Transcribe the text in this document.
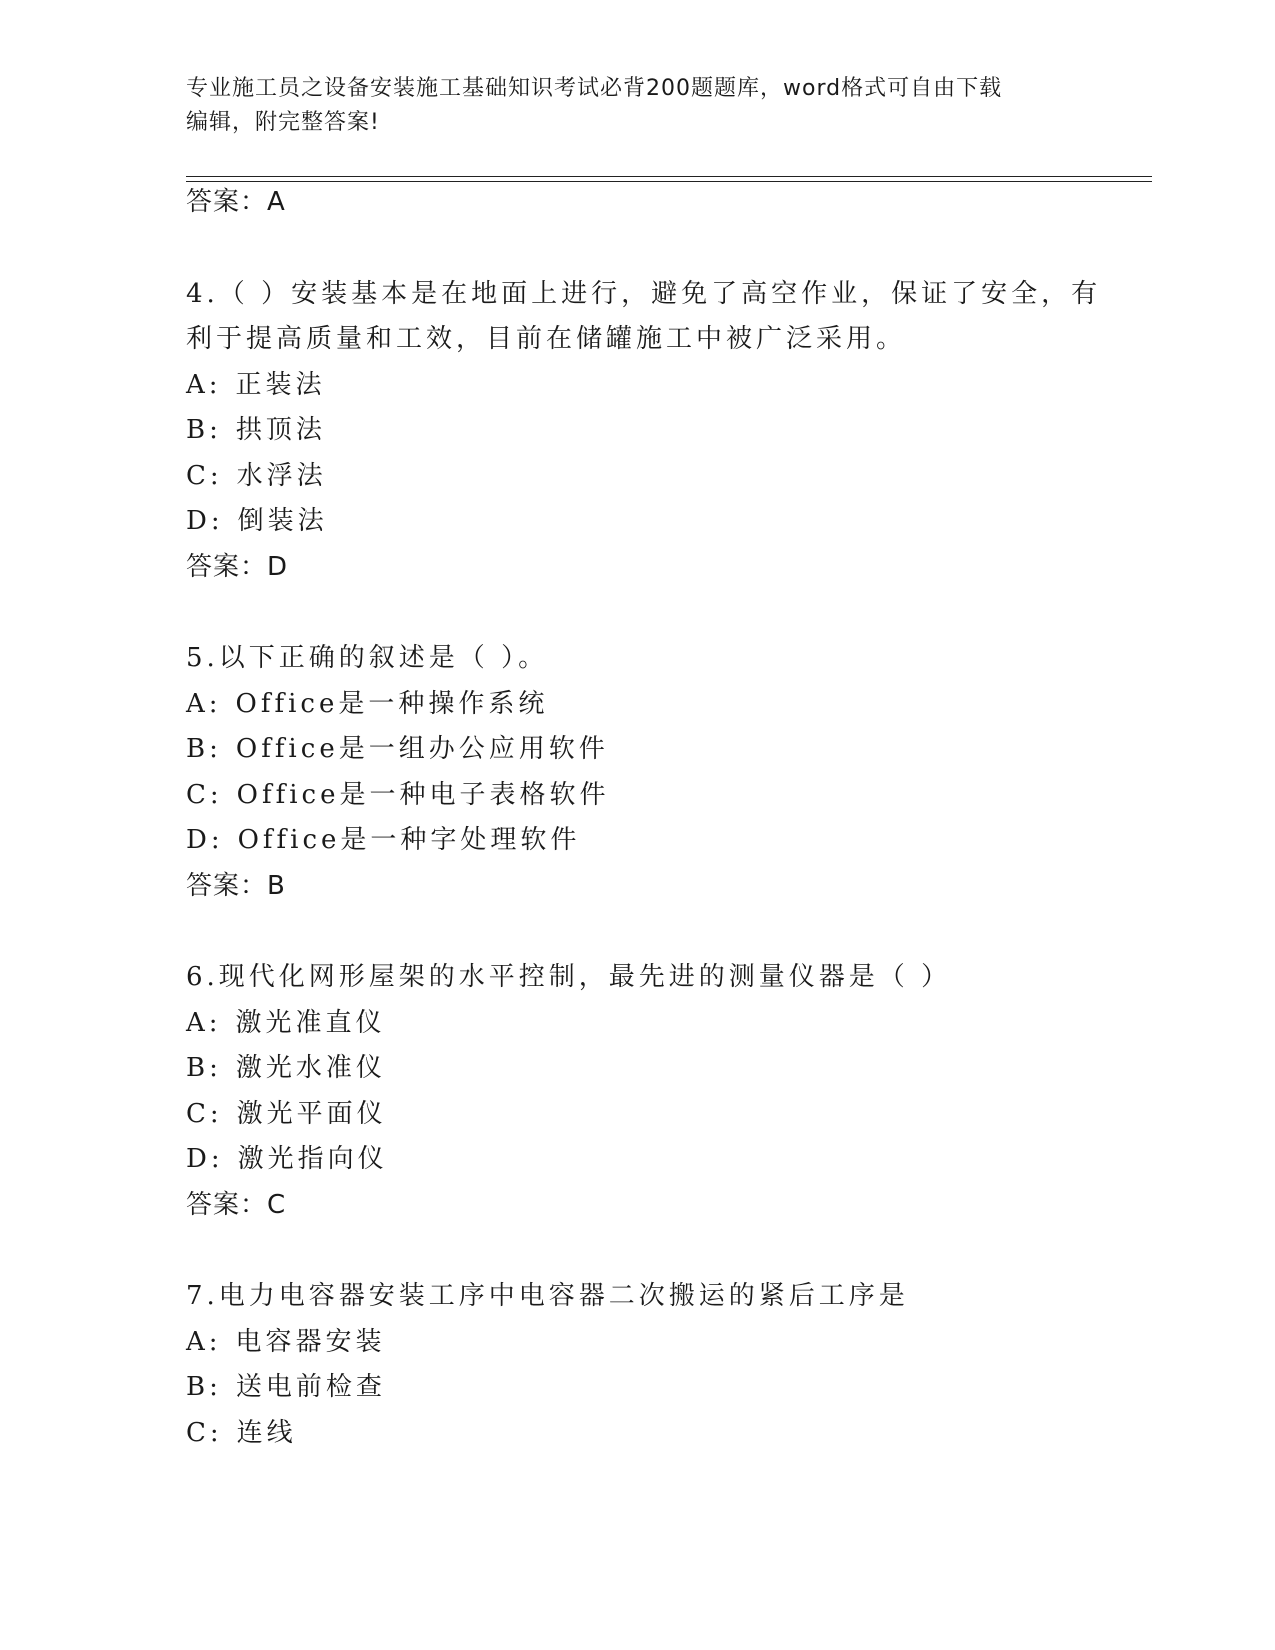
专业施工员之设备安装施工基础知识考试必背200题题库，word格式可自由下载
编辑，附完整答案!
答案：A
4.（ ）安装基本是在地面上进行，避免了高空作业，保证了安全，有
利于提高质量和工效，目前在储罐施工中被广泛采用。
A: 正装法
B: 拱顶法
C: 水浮法
D: 倒装法
答案：D
5.以下正确的叙述是（ ）。
A: Office是一种操作系统
B: Office是一组办公应用软件
C: Office是一种电子表格软件
D: Office是一种字处理软件
答案：B
6.现代化网形屋架的水平控制，最先进的测量仪器是（ ）
A: 激光准直仪
B: 激光水准仪
C: 激光平面仪
D: 激光指向仪
答案：C
7.电力电容器安装工序中电容器二次搬运的紧后工序是
A: 电容器安装
B: 送电前检查
C: 连线
